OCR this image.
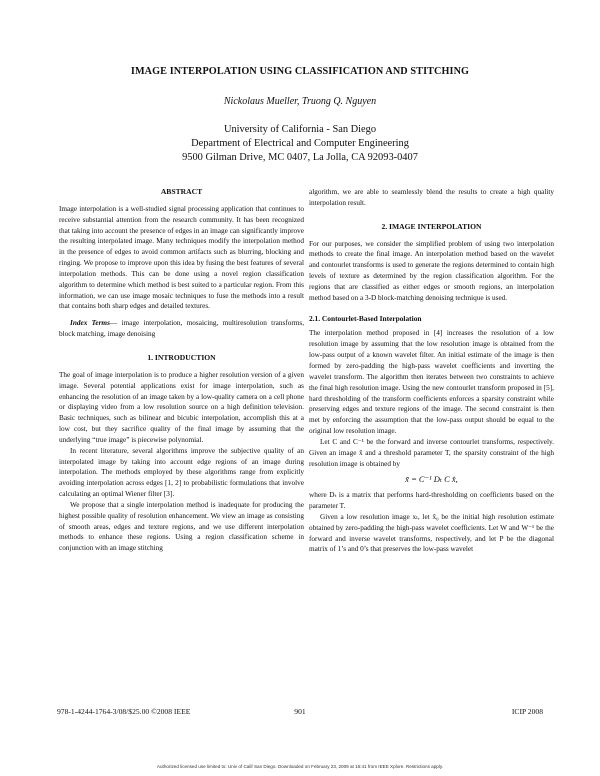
IMAGE INTERPOLATION USING CLASSIFICATION AND STITCHING
Nickolaus Mueller, Truong Q. Nguyen
University of California - San Diego
Department of Electrical and Computer Engineering
9500 Gilman Drive, MC 0407, La Jolla, CA 92093-0407

ABSTRACT

Image interpolation is a well-studied signal processing application that continues to receive substantial attention from the research community. It has been recognized that taking into account the presence of edges in an image can significantly improve the resulting interpolated image. Many techniques modify the interpolation method in the presence of edges to avoid common artifacts such as blurring, blocking and ringing. We propose to improve upon this idea by fusing the best features of several interpolation methods. This can be done using a novel region classification algorithm to determine which method is best suited to a particular region. From this information, we can use image mosaic techniques to fuse the methods into a result that contains both sharp edges and detailed textures.

Index Terms— image interpolation, mosaicing, multiresolution transforms, block matching, image denoising

1. INTRODUCTION

The goal of image interpolation is to produce a higher resolution version of a given image. Several potential applications exist for image interpolation, such as enhancing the resolution of an image taken by a low-quality camera on a cell phone or displaying video from a low resolution source on a high definition television. Basic techniques, such as bilinear and bicubic interpolation, accomplish this at a low cost, but they sacrifice quality of the final image by assuming that the underlying “true image” is piecewise polynomial.

In recent literature, several algorithms improve the subjective quality of an interpolated image by taking into account edge regions of an image during interpolation. The methods employed by these algorithms range from explicitly avoiding interpolation across edges [1, 2] to probabilistic formulations that involve calculating an optimal Wiener filter [3].

We propose that a single interpolation method is inadequate for producing the highest possible quality of resolution enhancement. We view an image as consisting of smooth areas, edges and texture regions, and we use different interpolation methods to enhance these regions. Using a region classification scheme in conjunction with an image stitching

algorithm, we are able to seamlessly blend the results to create a high quality interpolation result.

2. IMAGE INTERPOLATION

For our purposes, we consider the simplified problem of using two interpolation methods to create the final image. An interpolation method based on the wavelet and contourlet transforms is used to generate the regions determined to contain high levels of texture as determined by the region classification algorithm. For the regions that are classified as either edges or smooth regions, an interpolation method based on a 3-D block-matching denoising technique is used.

2.1. Contourlet-Based Interpolation

The interpolation method proposed in [4] increases the resolution of a low resolution image by assuming that the low resolution image is obtained from the low-pass output of a known wavelet filter. An initial estimate of the image is then formed by zero-padding the high-pass wavelet coefficients and inverting the wavelet transform. The algorithm then iterates between two constraints to achieve the final high resolution image. Using the new contourlet transform proposed in [5], hard thresholding of the transform coefficients enforces a sparsity constraint while preserving edges and texture regions of the image. The second constraint is then met by enforcing the assumption that the low-pass output should be equal to the original low resolution image.

Let C and C⁻¹ be the forward and inverse contourlet transforms, respectively. Given an image x̂ and a threshold parameter T, the sparsity constraint of the high resolution image is obtained by

x̃ = C⁻¹ Dₜ C x̂,

where Dₜ is a matrix that performs hard-thresholding on coefficients based on the parameter T.

Given a low resolution image xₗ, let x̂₀ be the initial high resolution estimate obtained by zero-padding the high-pass wavelet coefficients. Let W and W⁻¹ be the forward and inverse wavelet transforms, respectively, and let P be the diagonal matrix of 1’s and 0’s that preserves the low-pass wavelet

978-1-4244-1764-3/08/$25.00 ©2008 IEEE	901	ICIP 2008
Authorized licensed use limited to: Univ of Calif San Diego. Downloaded on February 23, 2009 at 16:41 from IEEE Xplore. Restrictions apply.
